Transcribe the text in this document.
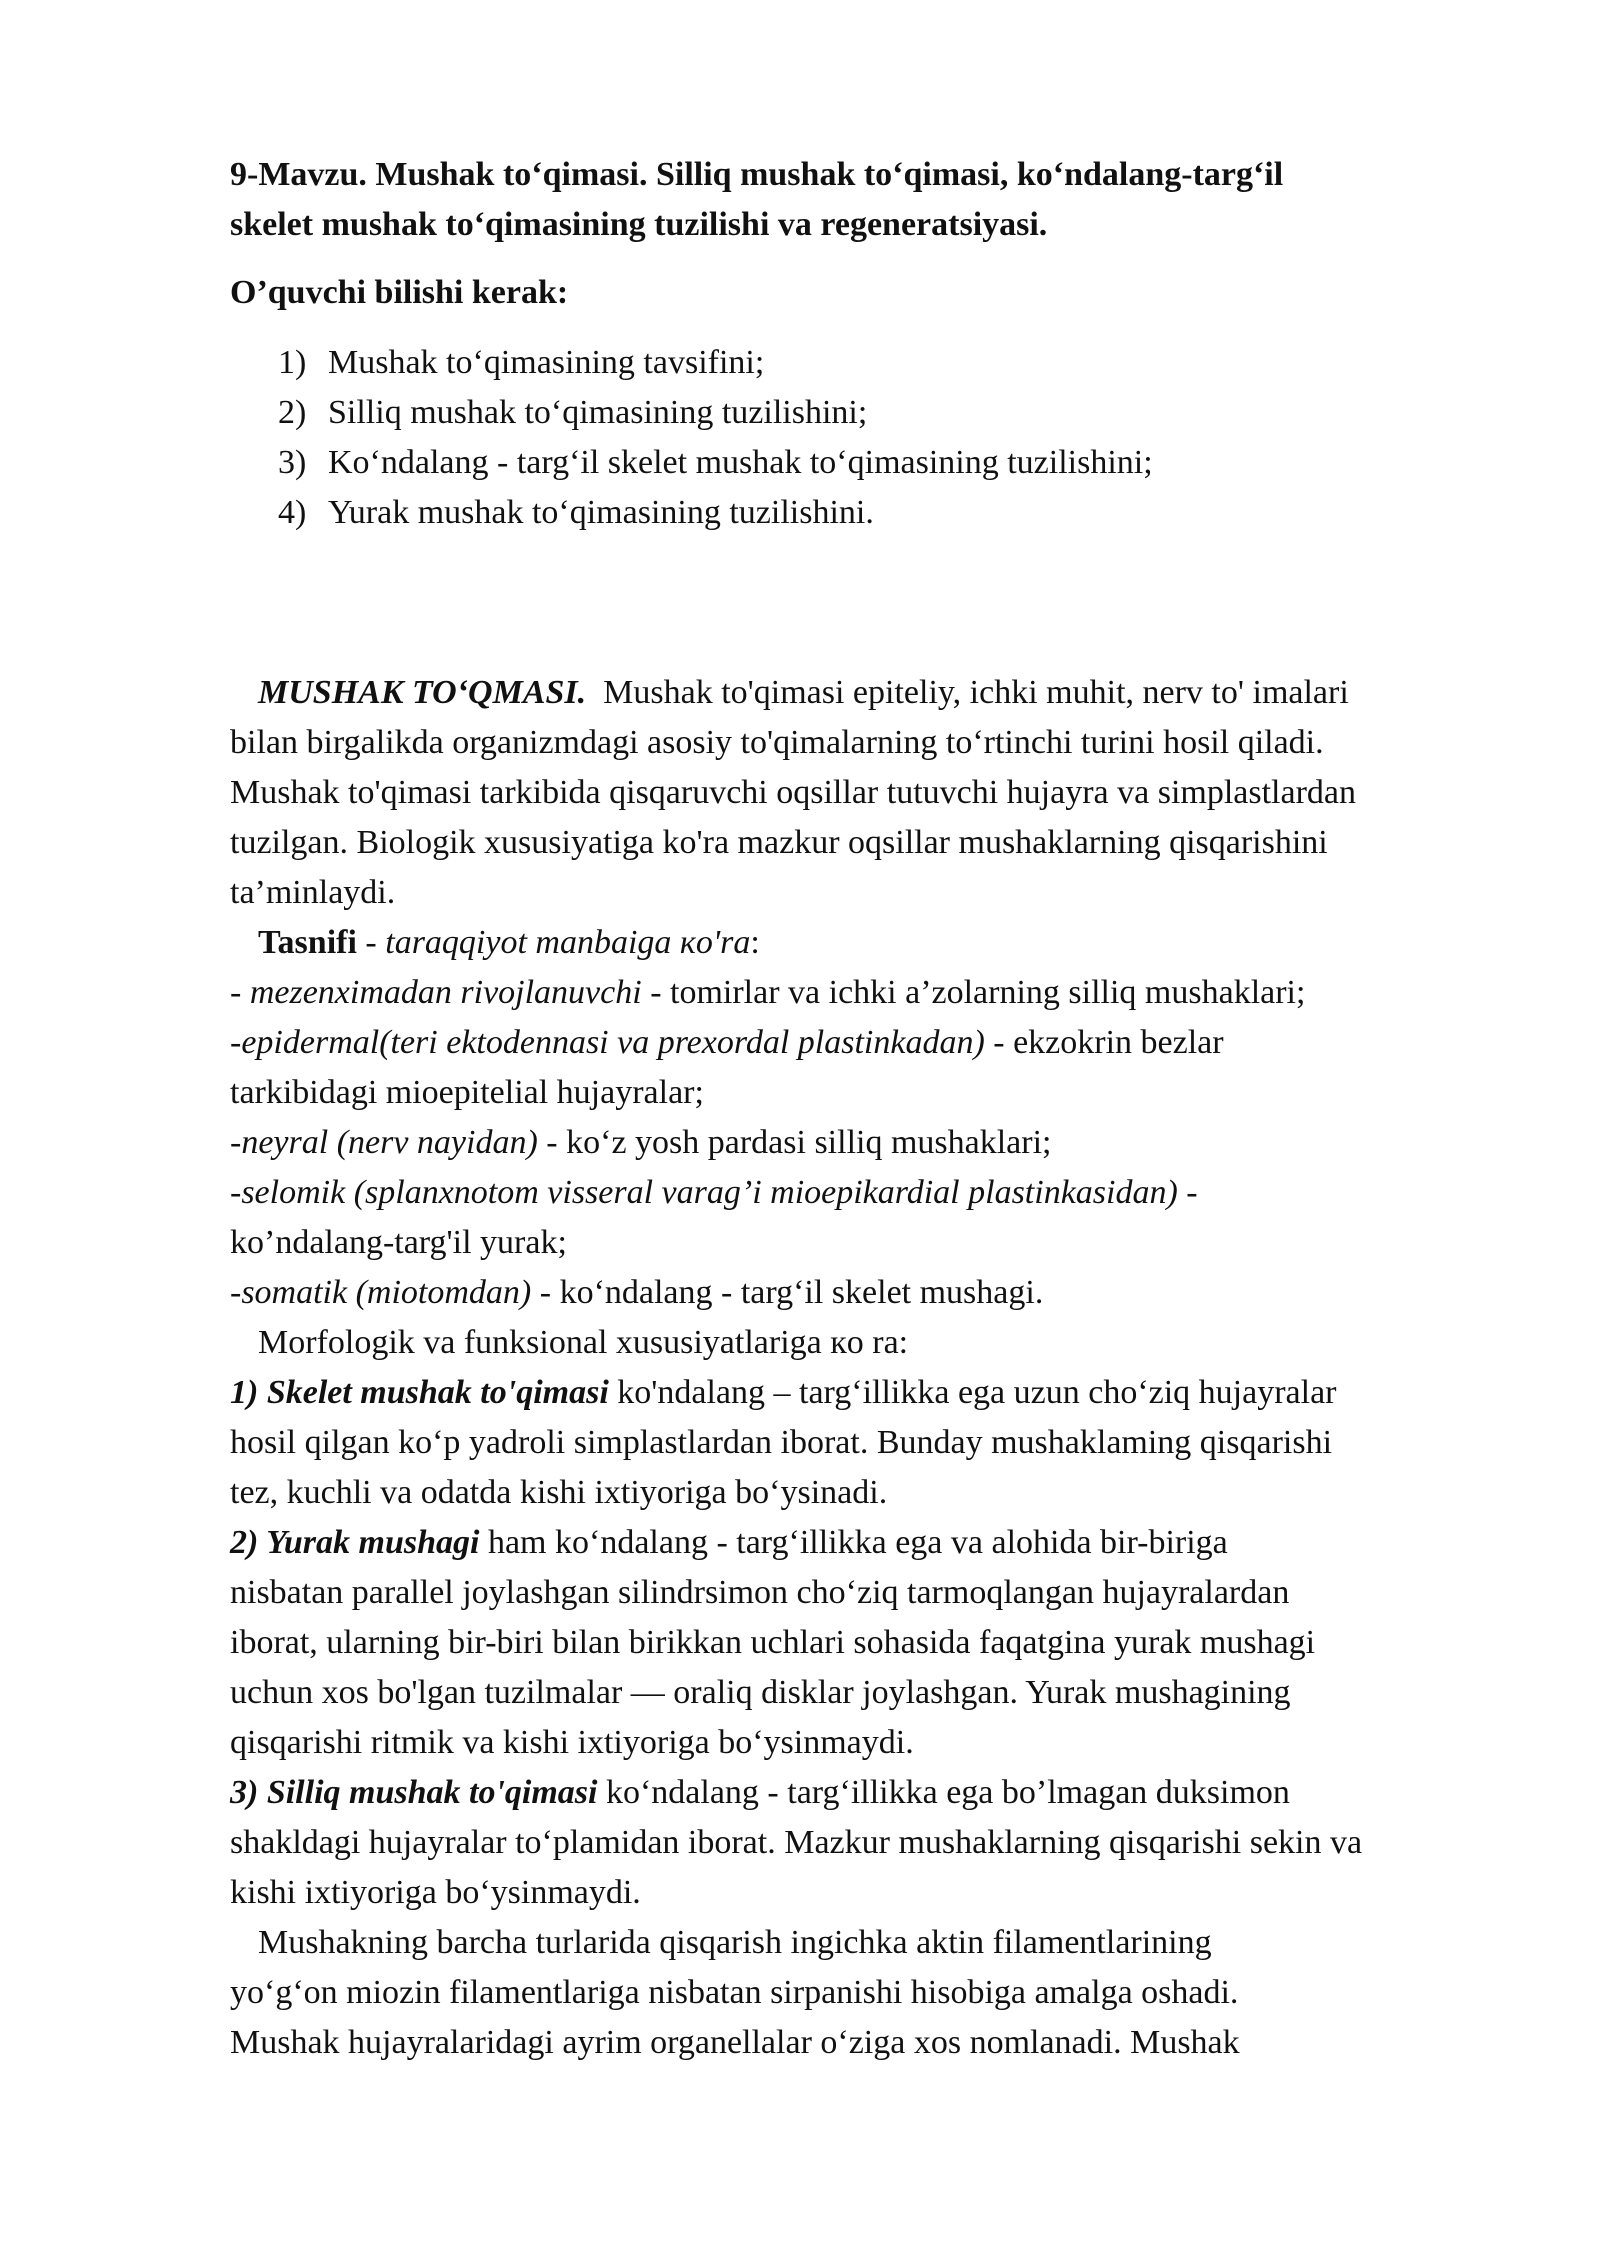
9-Mavzu. Mushak to‘qimasi. Silliq mushak to‘qimasi, ko‘ndalang-targ‘il
skelet mushak to‘qimasining tuzilishi va regeneratsiyasi.

O’quvchi bilishi kerak:

1) Mushak to‘qimasining tavsifini;
2) Silliq mushak to‘qimasining tuzilishini;
3) Ko‘ndalang - targ‘il skelet mushak to‘qimasining tuzilishini;
4) Yurak mushak to‘qimasining tuzilishini.

MUSHAK TO‘QMASI. Mushak to'qimasi epiteliy, ichki muhit, nerv to' imalari

bilan birgalikda organizmdagi asosiy to'qimalarning to‘rtinchi turini hosil qiladi.

Mushak to'qimasi tarkibida qisqaruvchi oqsillar tutuvchi hujayra va simplastlardan

tuzilgan. Biologik xususiyatiga ko'ra mazkur oqsillar mushaklarning qisqarishini

ta’minlaydi.

Tasnifi - taraqqiyot manbaiga кo'ra:

- mezenximadan rivojlanuvchi - tomirlar va ichki a’zolarning silliq mushaklari;

-epidermal(teri ektodennasi va prexordal plastinkadan) - ekzokrin bezlar

tarkibidagi mioepitelial hujayralar;

-neyral (nerv nayidan) - ko‘z yosh pardasi silliq mushaklari;

-selomik (splanxnotom visseral varag’i mioepikardial plastinkasidan) -

ko’ndalang-targ'il yurak;

-somatik (miotomdan) - ko‘ndalang - targ‘il skelet mushagi.

Morfologik va funksional xususiyatlariga кo ra:

1) Skelet mushak to'qimasi ko'ndalang – targ‘illikka ega uzun cho‘ziq hujayralar

hosil qilgan ko‘p yadroli simplastlardan iborat. Bunday mushaklaming qisqarishi

tez, kuchli va odatda kishi ixtiyoriga bo‘ysinadi.

2) Yurak mushagi ham ko‘ndalang - targ‘illikka ega va alohida bir-biriga

nisbatan parallel joylashgan silindrsimon cho‘ziq tarmoqlangan hujayralardan

iborat, ularning bir-biri bilan birikkan uchlari sohasida faqatgina yurak mushagi

uchun xos bo'lgan tuzilmalar — oraliq disklar joylashgan. Yurak mushagining

qisqarishi ritmik va kishi ixtiyoriga bo‘ysinmaydi.

3) Silliq mushak to'qimasi ko‘ndalang - targ‘illikka ega bo’lmagan duksimon

shakldagi hujayralar to‘plamidan iborat. Mazkur mushaklarning qisqarishi sekin va

kishi ixtiyoriga bo‘ysinmaydi.

Mushakning barcha turlarida qisqarish ingichka aktin filamentlarining

yo‘g‘on miozin filamentlariga nisbatan sirpanishi hisobiga amalga oshadi.

Mushak hujayralaridagi ayrim organellalar o‘ziga xos nomlanadi. Mushak
